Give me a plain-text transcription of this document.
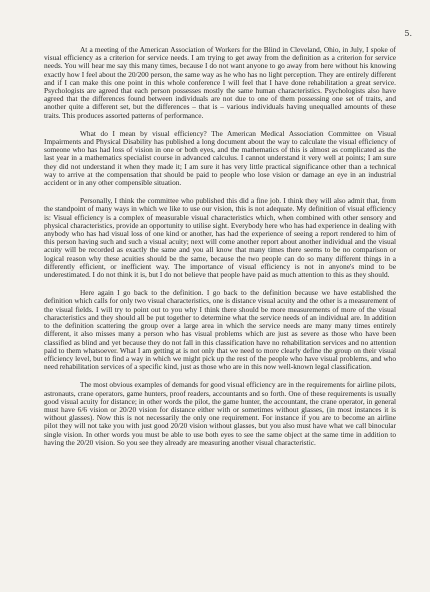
5.

At a meeting of the American Association of Workers for the Blind in Cleveland, Ohio, in July, I spoke of visual efficiency as a criterion for service needs. I am trying to get away from the definition as a criterion for service needs. You will hear me say this many times, because I do not want anyone to go away from here without his knowing exactly how I feel about the 20/200 person, the same way as he who has no light perception. They are entirely different and if I can make this one point in this whole conference I will feel that I have done rehabilitation a great service. Psychologists are agreed that each person possesses mostly the same human characteristics. Psychologists also have agreed that the differences found between individuals are not due to one of them possessing one set of traits, and another quite a different set, but the differences – that is – various individuals having unequalled amounts of these traits. This produces assorted patterns of performance.

What do I mean by visual efficiency? The American Medical Association Committee on Visual Impairments and Physical Disability has published a long document about the way to calculate the visual efficiency of someone who has had loss of vision in one or both eyes, and the mathematics of this is almost as complicated as the last year in a mathematics specialist course in advanced calculus. I cannot understand it very well at points; I am sure they did not understand it when they made it; I am sure it has very little practical significance other than a technical way to arrive at the compensation that should be paid to people who lose vision or damage an eye in an industrial accident or in any other compensible situation.

Personally, I think the committee who published this did a fine job. I think they will also admit that, from the standpoint of many ways in which we like to use our vision, this is not adequate. My definition of visual efficiency is: Visual efficiency is a complex of measurable visual characteristics which, when combined with other sensory and physical characteristics, provide an opportunity to utilise sight. Everybody here who has had experience in dealing with anybody who has had visual loss of one kind or another, has had the experience of seeing a report rendered to him of this person having such and such a visual acuity; next will come another report about another individual and the visual acuity will be recorded as exactly the same and you all know that many times there seems to be no comparison or logical reason why these acuities should be the same, because the two people can do so many different things in a differently efficient, or inefficient way. The importance of visual efficiency is not in anyone's mind to be underestimated. I do not think it is, but I do not believe that people have paid as much attention to this as they should.

Here again I go back to the definition. I go back to the definition because we have established the definition which calls for only two visual characteristics, one is distance visual acuity and the other is a measurement of the visual fields. I will try to point out to you why I think there should be more measurements of more of the visual characteristics and they should all be put together to determine what the service needs of an individual are. In addition to the definition scattering the group over a large area in which the service needs are many many times entirely different, it also misses many a person who has visual problems which are just as severe as those who have been classified as blind and yet because they do not fall in this classification have no rehabilitation services and no attention paid to them whatsoever. What I am getting at is not only that we need to more clearly define the group on their visual efficiency level, but to find a way in which we might pick up the rest of the people who have visual problems, and who need rehabilitation services of a specific kind, just as those who are in this now well-known legal classification.

The most obvious examples of demands for good visual efficiency are in the requirements for airline pilots, astronauts, crane operators, game hunters, proof readers, accountants and so forth. One of these requirements is usually good visual acuity for distance; in other words the pilot, the game hunter, the accountant, the crane operator, in general must have 6/6 vision or 20/20 vision for distance either with or sometimes without glasses, (in most instances it is without glasses). Now this is not necessarily the only one requirement. For instance if you are to become an airline pilot they will not take you with just good 20/20 vision without glasses, but you also must have what we call binocular single vision. In other words you must be able to use both eyes to see the same object at the same time in addition to having the 20/20 vision. So you see they already are measuring another visual characteristic.
